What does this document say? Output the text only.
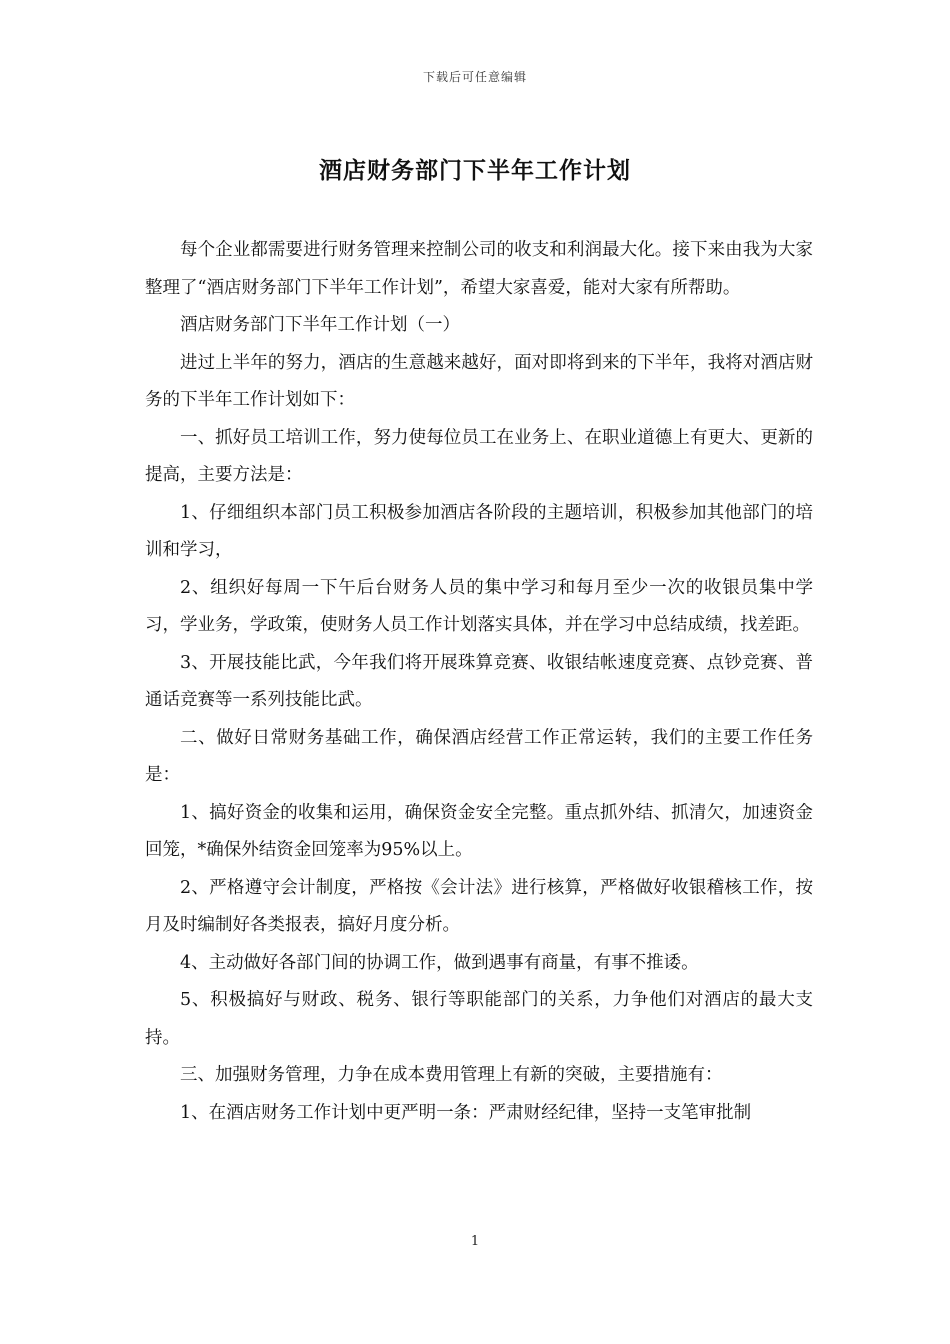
下载后可任意编辑
酒店财务部门下半年工作计划

每个企业都需要进行财务管理来控制公司的收支和利润最大化。接下来由我为大家整理了“酒店财务部门下半年工作计划”，希望大家喜爱，能对大家有所帮助。

酒店财务部门下半年工作计划（一）

进过上半年的努力，酒店的生意越来越好，面对即将到来的下半年，我将对酒店财务的下半年工作计划如下：

一、抓好员工培训工作，努力使每位员工在业务上、在职业道德上有更大、更新的提高，主要方法是：

1、仔细组织本部门员工积极参加酒店各阶段的主题培训，积极参加其他部门的培训和学习，

2、组织好每周一下午后台财务人员的集中学习和每月至少一次的收银员集中学习，学业务，学政策，使财务人员工作计划落实具体，并在学习中总结成绩，找差距。

3、开展技能比武，今年我们将开展珠算竞赛、收银结帐速度竞赛、点钞竞赛、普通话竞赛等一系列技能比武。

二、做好日常财务基础工作，确保酒店经营工作正常运转，我们的主要工作任务是：

1、搞好资金的收集和运用，确保资金安全完整。重点抓外结、抓清欠，加速资金回笼，*确保外结资金回笼率为95%以上。

2、严格遵守会计制度，严格按《会计法》进行核算，严格做好收银稽核工作，按月及时编制好各类报表，搞好月度分析。

4、主动做好各部门间的协调工作，做到遇事有商量，有事不推诿。

5、积极搞好与财政、税务、银行等职能部门的关系，力争他们对酒店的最大支持。

三、加强财务管理，力争在成本费用管理上有新的突破，主要措施有：

1、在酒店财务工作计划中更严明一条：严肃财经纪律，坚持一支笔审批制

1
